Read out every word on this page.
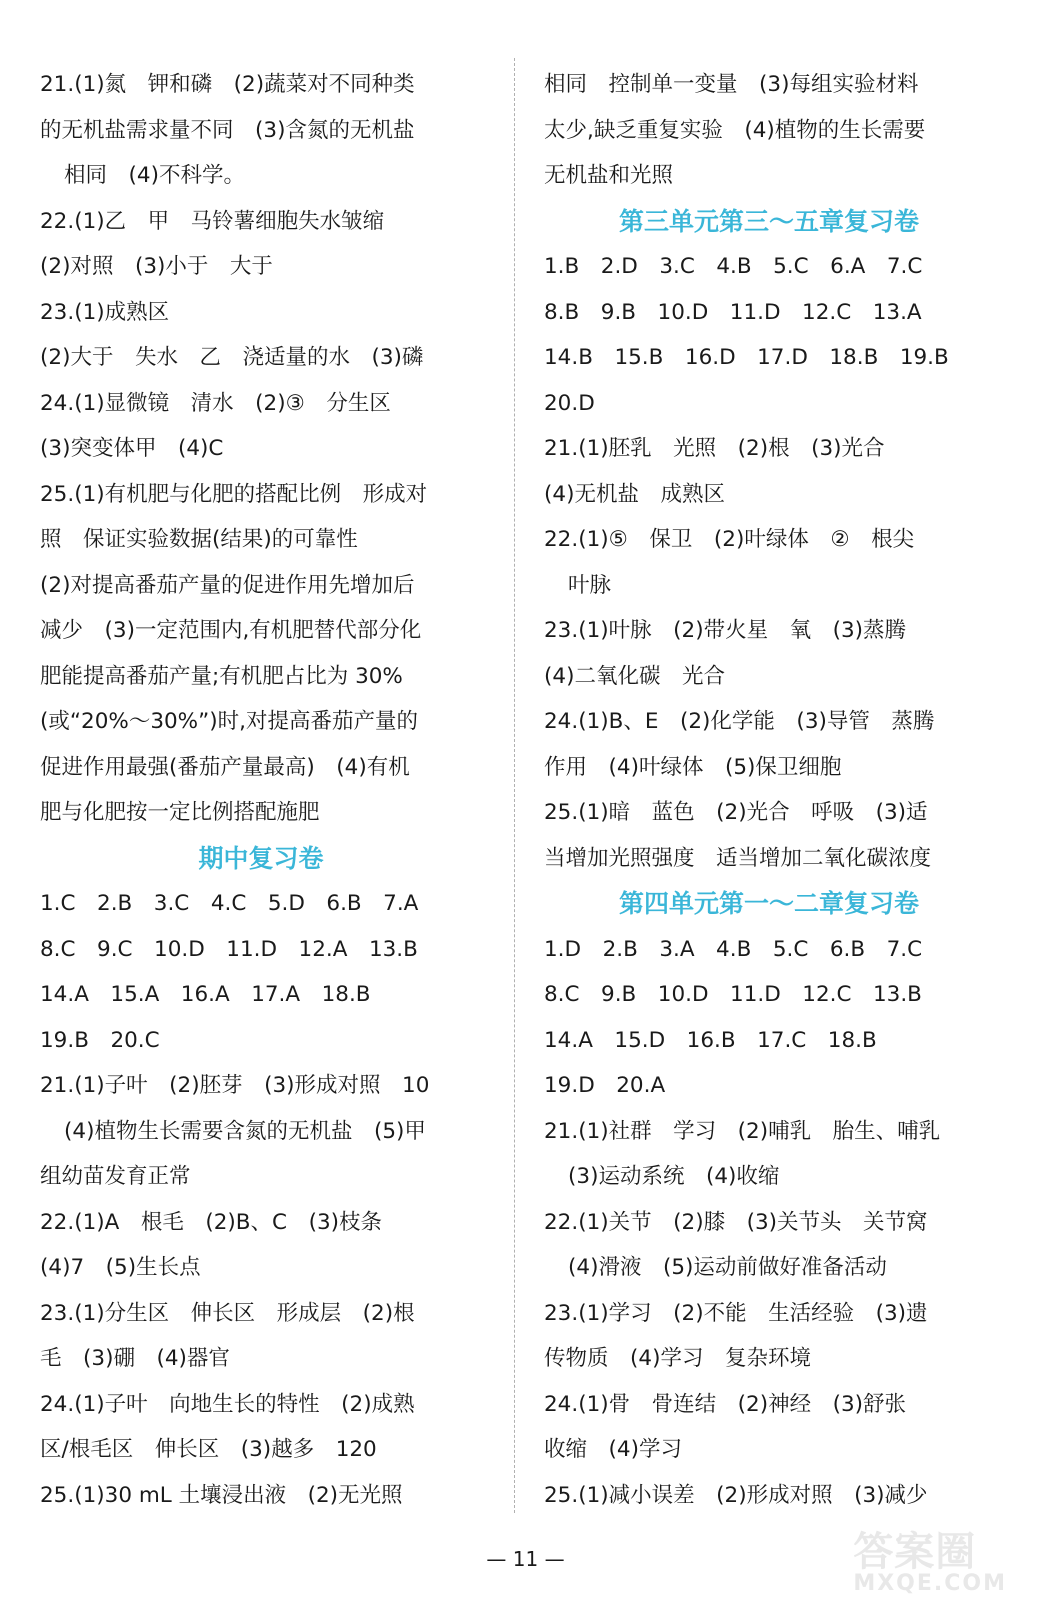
21.(1)氮　钾和磷　(2)蔬菜对不同种类
的无机盐需求量不同　(3)含氮的无机盐
相同　(4)不科学。
22.(1)乙　甲　马铃薯细胞失水皱缩
(2)对照　(3)小于　大于
23.(1)成熟区
(2)大于　失水　乙　浇适量的水　(3)磷
24.(1)显微镜　清水　(2)③　分生区
(3)突变体甲　(4)C
25.(1)有机肥与化肥的搭配比例　形成对
照　保证实验数据(结果)的可靠性
(2)对提高番茄产量的促进作用先增加后
减少　(3)一定范围内,有机肥替代部分化
肥能提高番茄产量;有机肥占比为 30%
(或“20%～30%”)时,对提高番茄产量的
促进作用最强(番茄产量最高)　(4)有机
肥与化肥按一定比例搭配施肥
期中复习卷
1.C　2.B　3.C　4.C　5.D　6.B　7.A
8.C　9.C　10.D　11.D　12.A　13.B
14.A　15.A　16.A　17.A　18.B
19.B　20.C
21.(1)子叶　(2)胚芽　(3)形成对照　10
(4)植物生长需要含氮的无机盐　(5)甲
组幼苗发育正常
22.(1)A　根毛　(2)B、C　(3)枝条
(4)7　(5)生长点
23.(1)分生区　伸长区　形成层　(2)根
毛　(3)硼　(4)器官
24.(1)子叶　向地生长的特性　(2)成熟
区/根毛区　伸长区　(3)越多　120
25.(1)30 mL 土壤浸出液　(2)无光照
相同　控制单一变量　(3)每组实验材料
太少,缺乏重复实验　(4)植物的生长需要
无机盐和光照
第三单元第三～五章复习卷
1.B　2.D　3.C　4.B　5.C　6.A　7.C
8.B　9.B　10.D　11.D　12.C　13.A
14.B　15.B　16.D　17.D　18.B　19.B
20.D
21.(1)胚乳　光照　(2)根　(3)光合
(4)无机盐　成熟区
22.(1)⑤　保卫　(2)叶绿体　②　根尖
叶脉
23.(1)叶脉　(2)带火星　氧　(3)蒸腾
(4)二氧化碳　光合
24.(1)B、E　(2)化学能　(3)导管　蒸腾
作用　(4)叶绿体　(5)保卫细胞
25.(1)暗　蓝色　(2)光合　呼吸　(3)适
当增加光照强度　适当增加二氧化碳浓度
第四单元第一～二章复习卷
1.D　2.B　3.A　4.B　5.C　6.B　7.C
8.C　9.B　10.D　11.D　12.C　13.B
14.A　15.D　16.B　17.C　18.B
19.D　20.A
21.(1)社群　学习　(2)哺乳　胎生、哺乳
(3)运动系统　(4)收缩
22.(1)关节　(2)膝　(3)关节头　关节窝
(4)滑液　(5)运动前做好准备活动
23.(1)学习　(2)不能　生活经验　(3)遗
传物质　(4)学习　复杂环境
24.(1)骨　骨连结　(2)神经　(3)舒张
收缩　(4)学习
25.(1)减小误差　(2)形成对照　(3)减少
— 11 —	答案圈
MXQE.COM
